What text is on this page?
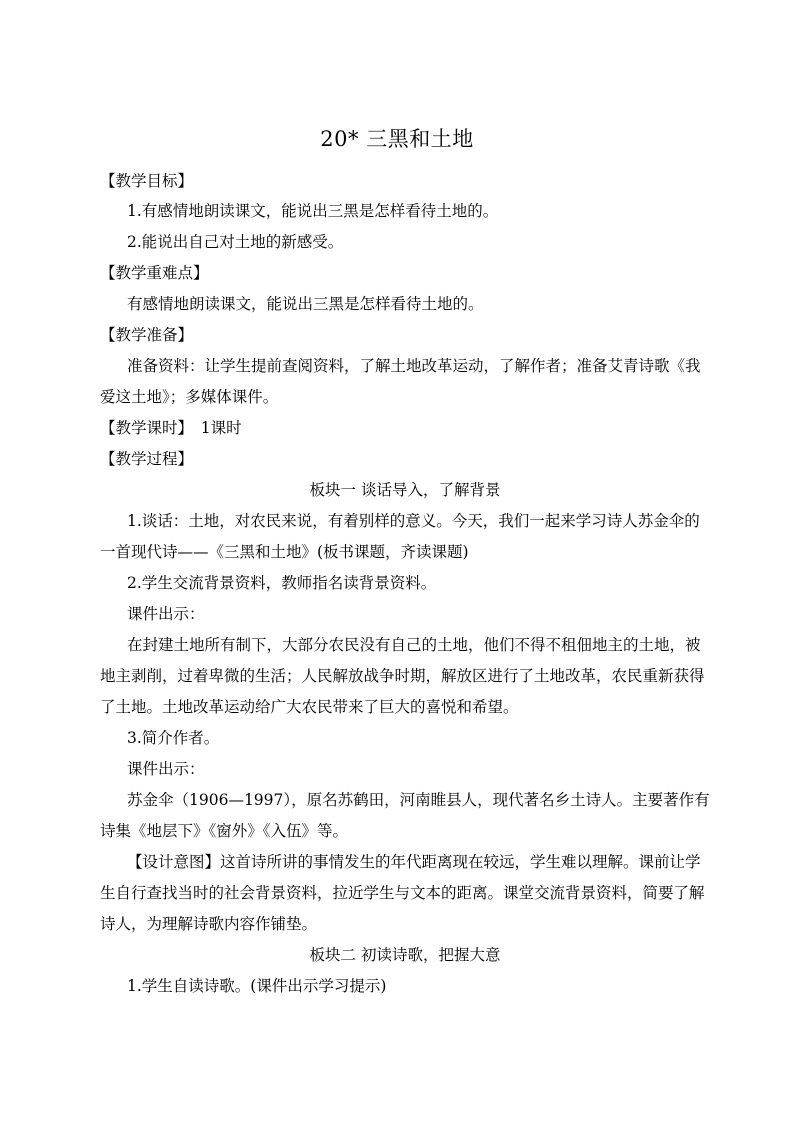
20* 三黑和土地
【教学目标】
1.有感情地朗读课文，能说出三黑是怎样看待土地的。
2.能说出自己对土地的新感受。
【教学重难点】
有感情地朗读课文，能说出三黑是怎样看待土地的。
【教学准备】
准备资料：让学生提前查阅资料，了解土地改革运动，了解作者；准备艾青诗歌《我
爱这土地》；多媒体课件。
【教学课时】　1课时
【教学过程】
板块一 谈话导入，了解背景
1.谈话：土地，对农民来说，有着别样的意义。今天，我们一起来学习诗人苏金伞的
一首现代诗——《三黑和土地》(板书课题，齐读课题)
2.学生交流背景资料，教师指名读背景资料。
课件出示：
在封建土地所有制下，大部分农民没有自己的土地，他们不得不租佃地主的土地，被
地主剥削，过着卑微的生活；人民解放战争时期，解放区进行了土地改革，农民重新获得
了土地。土地改革运动给广大农民带来了巨大的喜悦和希望。
3.简介作者。
课件出示：
苏金伞（1906—1997），原名苏鹤田，河南睢县人，现代著名乡土诗人。主要著作有
诗集《地层下》《窗外》《入伍》等。
【设计意图】这首诗所讲的事情发生的年代距离现在较远，学生难以理解。课前让学
生自行查找当时的社会背景资料，拉近学生与文本的距离。课堂交流背景资料，简要了解
诗人，为理解诗歌内容作铺垫。
板块二 初读诗歌，把握大意
1.学生自读诗歌。(课件出示学习提示)
